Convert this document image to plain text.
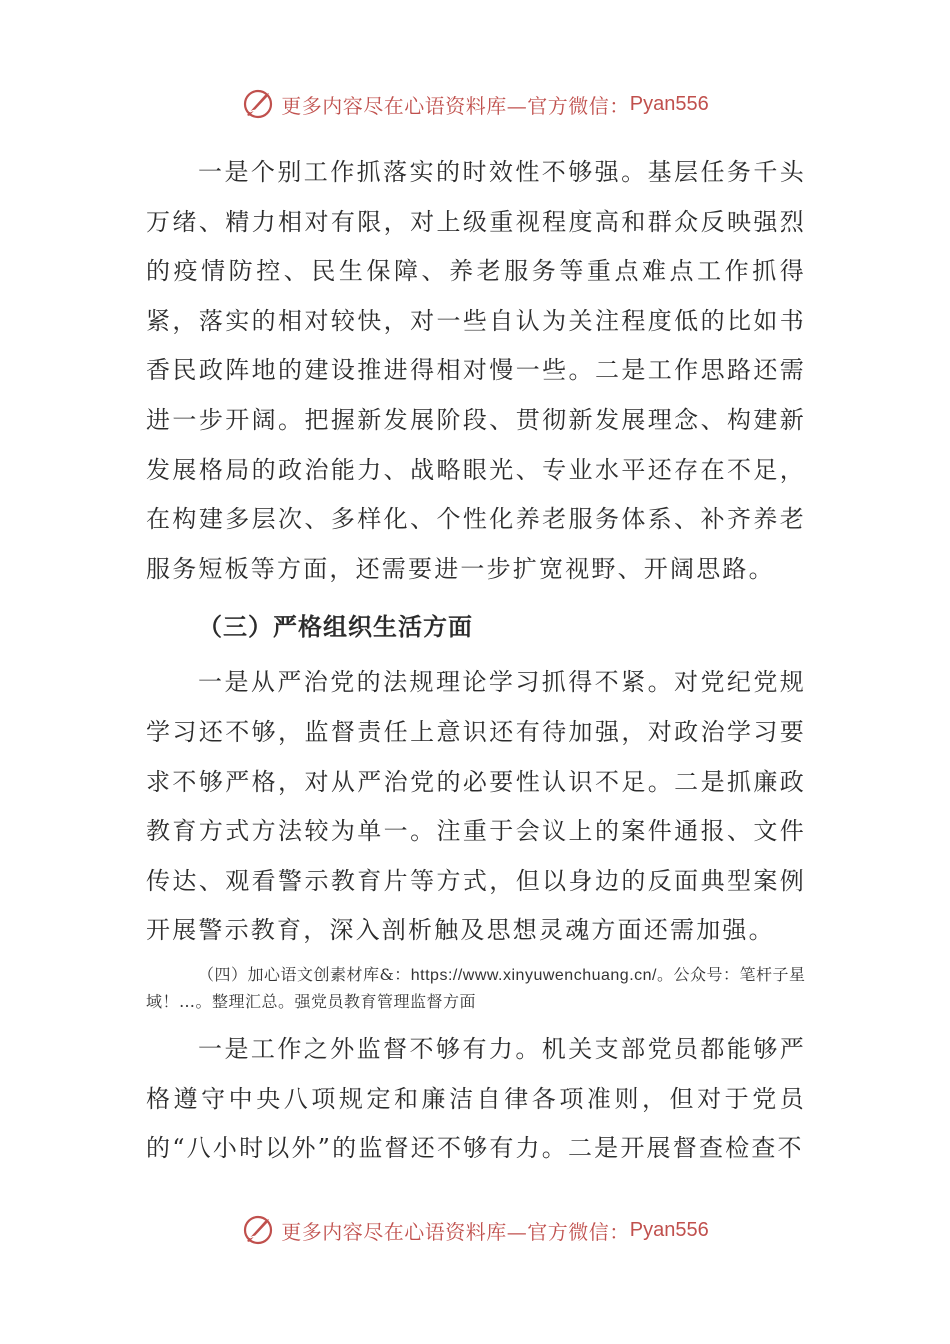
更多内容尽在心语资料库—官方微信： Pyan556

一是个别工作抓落实的时效性不够强。基层任务千头万绪、精力相对有限，对上级重视程度高和群众反映强烈的疫情防控、民生保障、养老服务等重点难点工作抓得紧，落实的相对较快，对一些自认为关注程度低的比如书香民政阵地的建设推进得相对慢一些。二是工作思路还需进一步开阔。把握新发展阶段、贯彻新发展理念、构建新发展格局的政治能力、战略眼光、专业水平还存在不足，在构建多层次、多样化、个性化养老服务体系、补齐养老服务短板等方面，还需要进一步扩宽视野、开阔思路。

（三）严格组织生活方面

一是从严治党的法规理论学习抓得不紧。对党纪党规学习还不够，监督责任上意识还有待加强，对政治学习要求不够严格，对从严治党的必要性认识不足。二是抓廉政教育方式方法较为单一。注重于会议上的案件通报、文件传达、观看警示教育片等方式，但以身边的反面典型案例开展警示教育，深入剖析触及思想灵魂方面还需加强。

（四）加心语文创素材库&：https://www.xinyuwenchuang.cn/。公众号：笔杆子星域！…。整理汇总。强党员教育管理监督方面

一是工作之外监督不够有力。机关支部党员都能够严格遵守中央八项规定和廉洁自律各项准则，但对于党员的“八小时以外”的监督还不够有力。二是开展督查检查不

更多内容尽在心语资料库—官方微信： Pyan556
